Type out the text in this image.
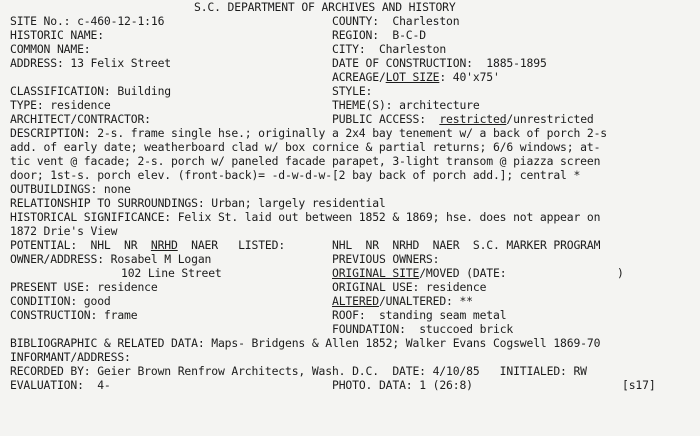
S.C. DEPARTMENT OF ARCHIVES AND HISTORY
SITE No.: c-460-12-1:16
HISTORIC NAME:
COMMON NAME:
ADDRESS: 13 Felix Street
COUNTY:  Charleston
REGION:  B-C-D
CITY:  Charleston
DATE OF CONSTRUCTION:  1885-1895
ACREAGE/LOT SIZE: 40'x75'
CLASSIFICATION: Building
TYPE: residence
ARCHITECT/CONTRACTOR:
STYLE:
THEME(S): architecture
PUBLIC ACCESS:  restricted/unrestricted
DESCRIPTION: 2-s. frame single hse.; originally a 2x4 bay tenement w/ a back of porch 2-s
add. of early date; weatherboard clad w/ box cornice & partial returns; 6/6 windows; at-
tic vent @ facade; 2-s. porch w/ paneled facade parapet, 3-light transom @ piazza screen
door; 1st-s. porch elev. (front-back)= -d-w-d-w-[2 bay back of porch add.]; central *
OUTBUILDINGS: none
RELATIONSHIP TO SURROUNDINGS: Urban; largely residential
HISTORICAL SIGNIFICANCE: Felix St. laid out between 1852 & 1869; hse. does not appear on
1872 Drie's View
POTENTIAL:  NHL  NR  NRHD  NAER   LISTED:	NHL  NR  NRHD  NAER  S.C. MARKER PROGRAM
OWNER/ADDRESS: Rosabel M Logan
102 Line Street
PREVIOUS OWNERS:
ORIGINAL SITE/MOVED (DATE:	)
PRESENT USE: residence	ORIGINAL USE: residence
CONDITION: good	ALTERED/UNALTERED: **
CONSTRUCTION: frame	ROOF:  standing seam metal
FOUNDATION:  stuccoed brick
BIBLIOGRAPHIC & RELATED DATA: Maps- Bridgens & Allen 1852; Walker Evans Cogswell 1869-70
INFORMANT/ADDRESS:
RECORDED BY: Geier Brown Renfrow Architects, Wash. D.C.  DATE: 4/10/85   INITIALED: RW
EVALUATION:  4-	PHOTO. DATA: 1 (26:8)	[s17]
